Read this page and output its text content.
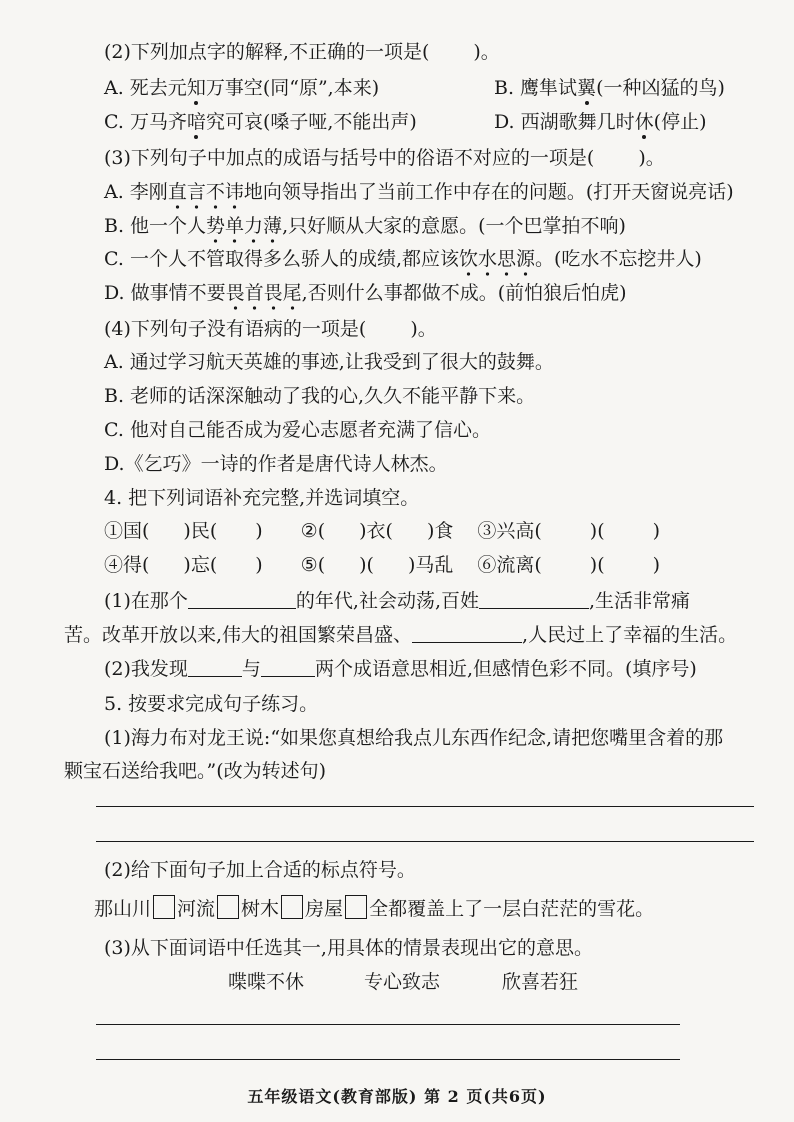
(2)下列加点字的解释,不正确的一项是( )。
A. 死去元知万事空(同“原”,本来)	B. 鹰隼试翼(一种凶猛的鸟)
C. 万马齐喑究可哀(嗓子哑,不能出声)	D. 西湖歌舞几时休(停止)
(3)下列句子中加点的成语与括号中的俗语不对应的一项是( )。
A. 李刚直言不讳地向领导指出了当前工作中存在的问题。(打开天窗说亮话)
B. 他一个人势单力薄,只好顺从大家的意愿。(一个巴掌拍不响)
C. 一个人不管取得多么骄人的成绩,都应该饮水思源。(吃水不忘挖井人)
D. 做事情不要畏首畏尾,否则什么事都做不成。(前怕狼后怕虎)
(4)下列句子没有语病的一项是( )。
A. 通过学习航天英雄的事迹,让我受到了很大的鼓舞。
B. 老师的话深深触动了我的心,久久不能平静下来。
C. 他对自己能否成为爱心志愿者充满了信心。
D.《乞巧》一诗的作者是唐代诗人林杰。
4. 把下列词语补充完整,并选词填空。
①国( )民( ) ②( )衣( )食 ③兴高(	)(	)
④得( )忘( ) ⑤( )( )马乱 ⑥流离(	)(	)
(1)在那个	的年代,社会动荡,百姓	,生活非常痛
苦。改革开放以来,伟大的祖国繁荣昌盛、	,人民过上了幸福的生活。
(2)我发现	与	两个成语意思相近,但感情色彩不同。(填序号)
5. 按要求完成句子练习。
(1)海力布对龙王说:“如果您真想给我点儿东西作纪念,请把您嘴里含着的那
颗宝石送给我吧。”(改为转述句)
(2)给下面句子加上合适的标点符号。
那山川 河流 树木 房屋 全都覆盖上了一层白茫茫的雪花。
(3)从下面词语中任选其一,用具体的情景表现出它的意思。
喋喋不休	专心致志	欣喜若狂
五年级语文(教育部版) 第 2 页(共6页)
